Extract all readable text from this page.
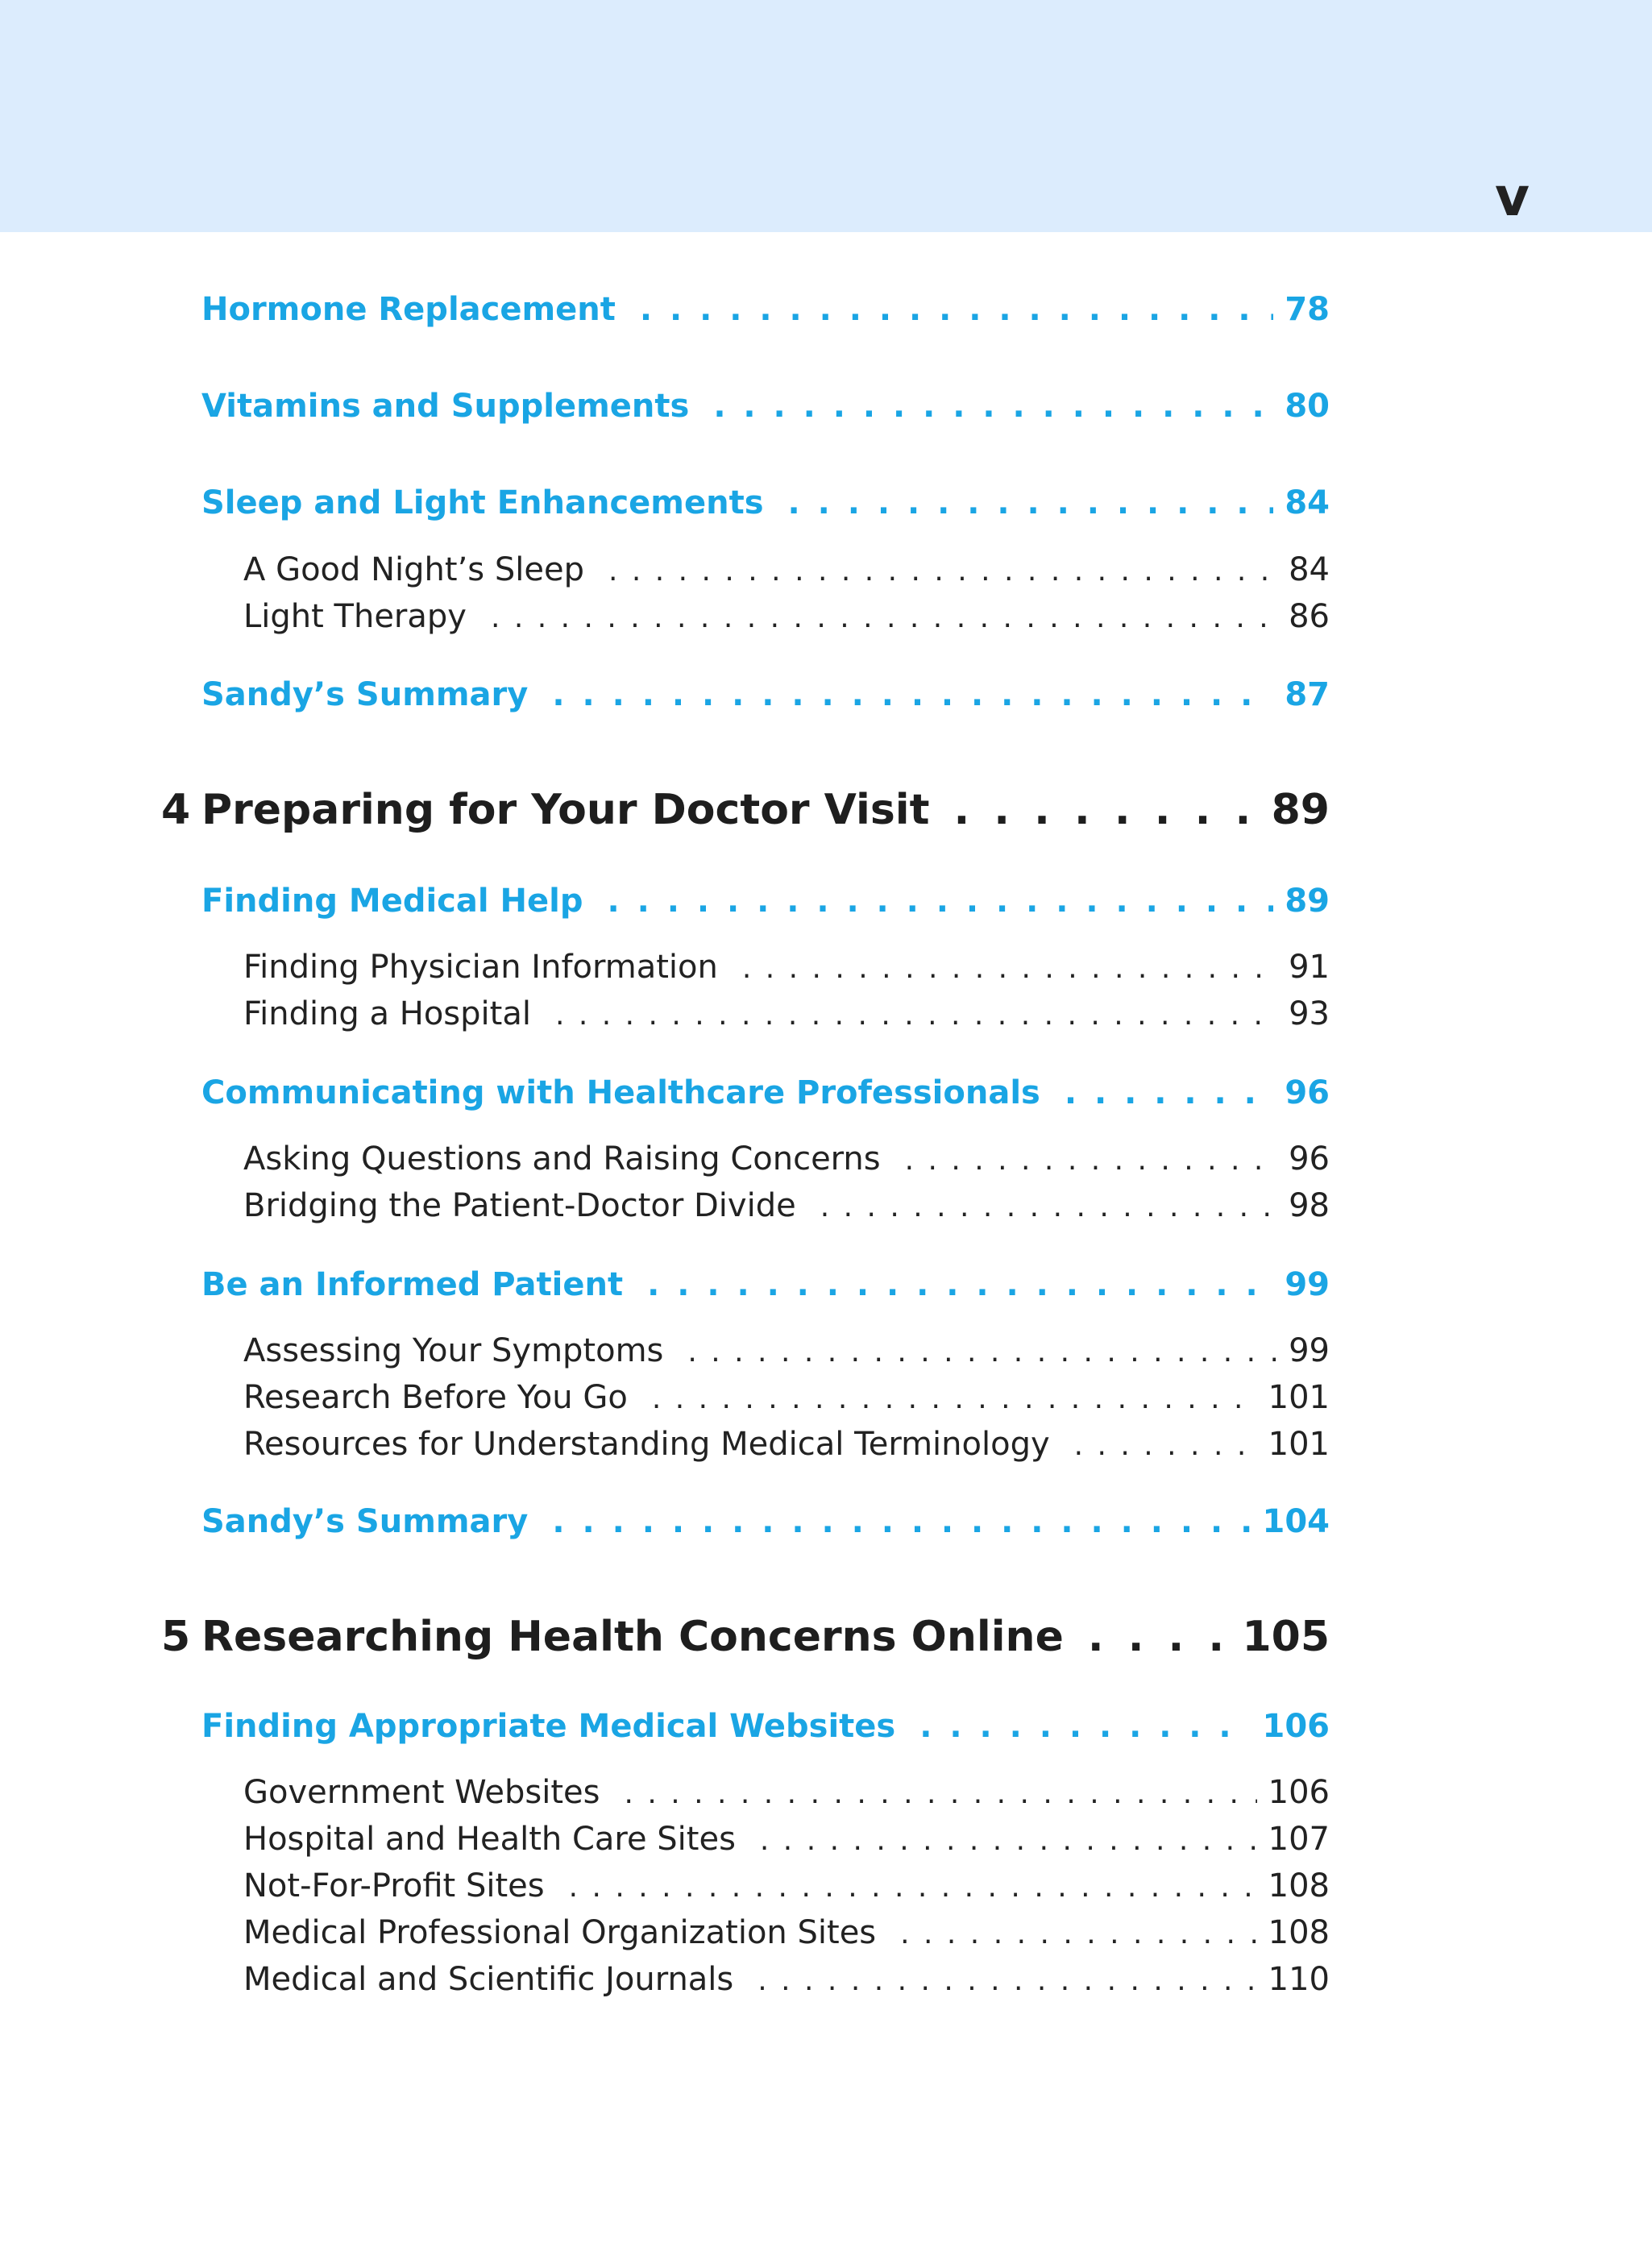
v
Hormone Replacement . . .	78
Vitamins and Supplements . . .	80
Sleep and Light Enhancements . . .	84
A Good Night’s Sleep . . .	84
Light Therapy . . .	86
Sandy’s Summary . . .	87
4 Preparing for Your Doctor Visit . . .	89
Finding Medical Help . . .	89
Finding Physician Information . . .	91
Finding a Hospital . . .	93
Communicating with Healthcare Professionals . . .	96
Asking Questions and Raising Concerns . . .	96
Bridging the Patient-Doctor Divide . . .	98
Be an Informed Patient . . .	99
Assessing Your Symptoms . . .	99
Research Before You Go . . .	101
Resources for Understanding Medical Terminology . . .	101
Sandy’s Summary . . .	104
5 Researching Health Concerns Online . . .	105
Finding Appropriate Medical Websites . . .	106
Government Websites . . .	106
Hospital and Health Care Sites . . .	107
Not-For-Profit Sites . . .	108
Medical Professional Organization Sites . . .	108
Medical and Scientific Journals . . .	110
